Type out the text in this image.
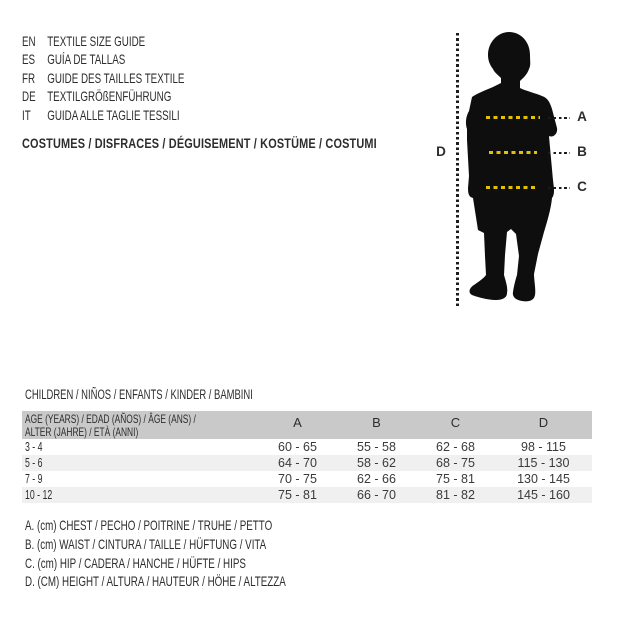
EN TEXTILE SIZE GUIDE
ES GUÍA DE TALLAS
FR GUIDE DES TAILLES TEXTILE
DE TEXTILGRÖßENFÜHRUNG
IT	GUIDA ALLE TAGLIE TESSILI
COSTUMES / DISFRACES / DÉGUISEMENT / KOSTÜME / COSTUMI
D
A
B
C
CHILDREN / NIÑOS / ENFANTS / KINDER / BAMBINI
AGE (YEARS) / EDAD (AÑOS) / ÂGE (ANS) /
ALTER (JAHRE) / ETÀ (ANNI)
A	B	C	D
3 - 4	60 - 65	55 - 58	62 - 68	98 - 115
5 - 6	64 - 70	58 - 62	68 - 75	115 - 130
7 - 9	70 - 75	62 - 66	75 - 81	130 - 145
10 - 12	75 - 81	66 - 70	81 - 82	145 - 160
A. (cm) CHEST / PECHO / POITRINE / TRUHE / PETTO
B. (cm) WAIST / CINTURA / TAILLE / HÜFTUNG / VITA
C. (cm) HIP / CADERA / HANCHE / HÜFTE / HIPS
D. (CM) HEIGHT / ALTURA / HAUTEUR / HÖHE / ALTEZZA
